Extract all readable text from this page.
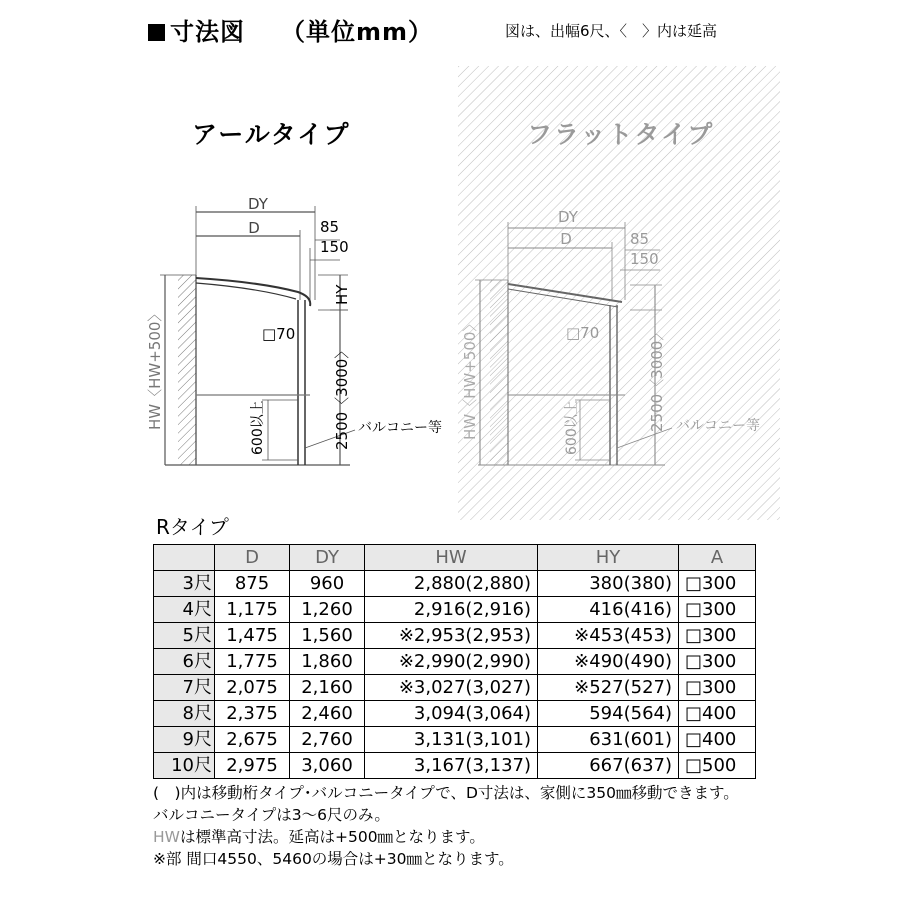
寸法図 （単位mm）	図は、出幅6尺、〈　〉内は延高
DY
D	85
150
HY
□70
2500〈3000〉
HW〈HW+500〉	600以上	バルコニー等
DY
D	85
150
□70	2500〈3000〉
HW〈HW+500〉	600以上	バルコニー等
アールタイプ	フラットタイプ
Rタイプ
	D	DY	HW	HY	A
3尺	875	960	2,880(2,880)	380(380)	□300
4尺	1,175	1,260	2,916(2,916)	416(416)	□300
5尺	1,475	1,560	※2,953(2,953)	※453(453)	□300
6尺	1,775	1,860	※2,990(2,990)	※490(490)	□300
7尺	2,075	2,160	※3,027(3,027)	※527(527)	□300
8尺	2,375	2,460	3,094(3,064)	594(564)	□400
9尺	2,675	2,760	3,131(3,101)	631(601)	□400
10尺	2,975	3,060	3,167(3,137)	667(637)	□500
(　)内は移動桁タイプ･バルコニータイプで、D寸法は、家側に350㎜移動できます。
バルコニータイプは3～6尺のみ。
HWは標準高寸法。延高は+500㎜となります。
※部 間口4550、5460の場合は+30㎜となります。
